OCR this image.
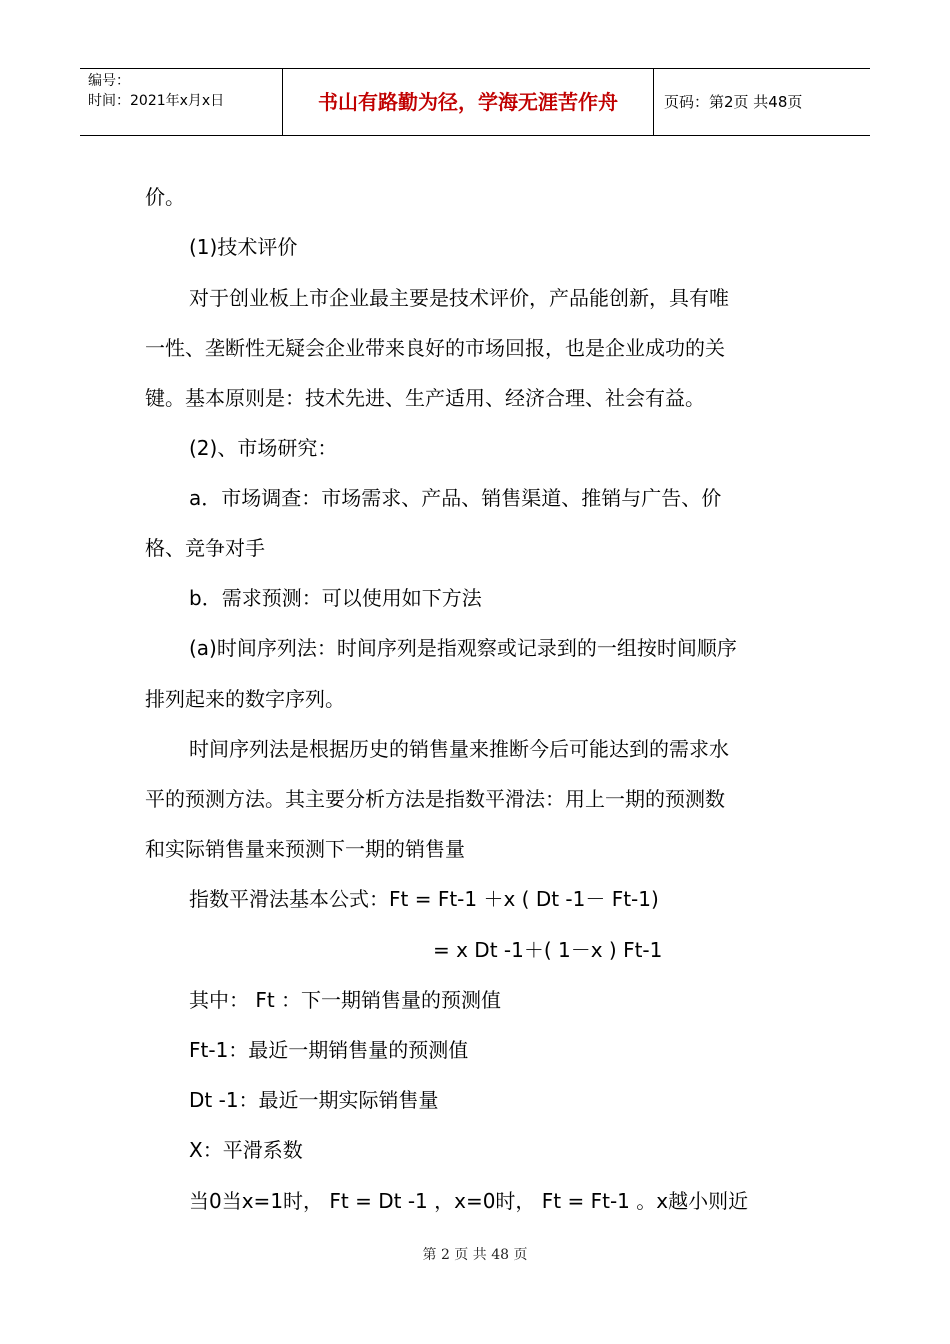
编号：
时间：2021年x月x日	书山有路勤为径，学海无涯苦作舟	页码：第2页 共48页
价。
(1)技术评价
对于创业板上市企业最主要是技术评价，产品能创新，具有唯
一性、垄断性无疑会企业带来良好的市场回报，也是企业成功的关
键。基本原则是：技术先进、生产适用、经济合理、社会有益。
(2)、市场研究：
a．市场调查：市场需求、产品、销售渠道、推销与广告、价
格、竞争对手
b．需求预测：可以使用如下方法
(a)时间序列法：时间序列是指观察或记录到的一组按时间顺序
排列起来的数字序列。
时间序列法是根据历史的销售量来推断今后可能达到的需求水
平的预测方法。其主要分析方法是指数平滑法：用上一期的预测数
和实际销售量来预测下一期的销售量
指数平滑法基本公式：Ft = Ft-1 ＋x ( Dt -1－ Ft-1)
= x Dt -1＋( 1－x ) Ft-1
其中： Ft ：下一期销售量的预测值
Ft-1：最近一期销售量的预测值
Dt -1：最近一期实际销售量
X：平滑系数
当0当x=1时， Ft = Dt -1 ，x=0时， Ft = Ft-1 。x越小则近
第 2 页 共 48 页
